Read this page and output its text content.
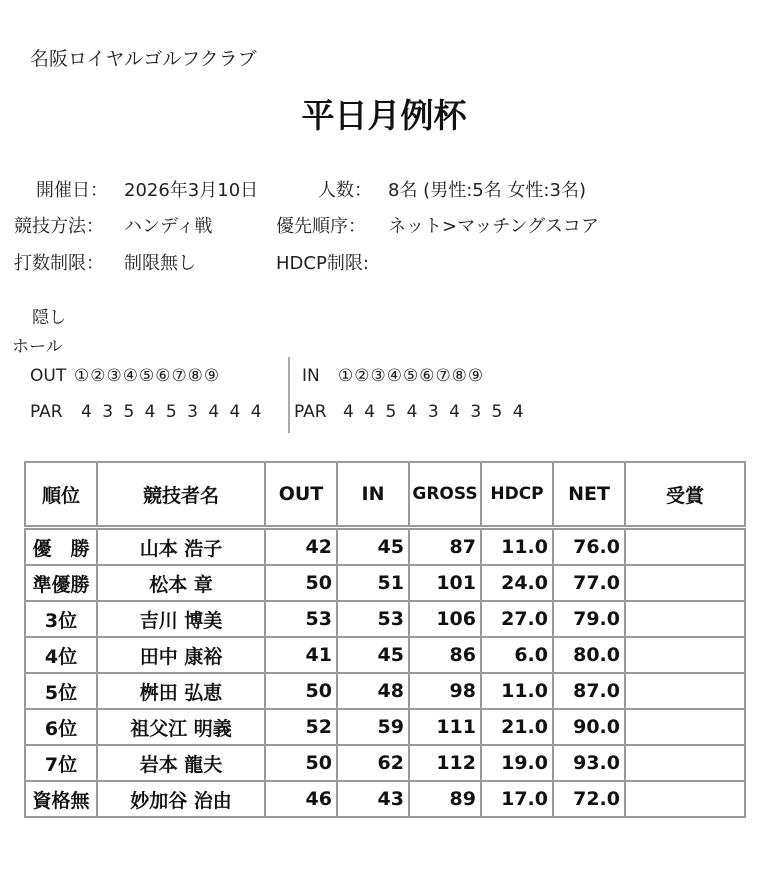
名阪ロイヤルゴルフクラブ
平日月例杯
開催日： 2026年3月10日	人数： 8名 (男性:5名 女性:3名)
競技方法： ハンディ戦	優先順序： ネット>マッチングスコア
打数制限： 制限無し	HDCP制限:
隠し
ホール
OUT ①②③④⑤⑥⑦⑧⑨	IN ①②③④⑤⑥⑦⑧⑨
PAR 4 3 5 4 5 3 4 4 4 PAR 4 4 5 4 3 4 3 5 4
順位	競技者名	OUT	IN	GROSS	HDCP	NET	受賞
優　勝	山本 浩子	42	45	87	11.0	76.0	
準優勝	松本 章	50	51	101	24.0	77.0	
3位	吉川 博美	53	53	106	27.0	79.0	
4位	田中 康裕	41	45	86	6.0	80.0	
5位	桝田 弘恵	50	48	98	11.0	87.0	
6位	祖父江 明義	52	59	111	21.0	90.0	
7位	岩本 龍夫	50	62	112	19.0	93.0	
資格無	妙加谷 治由	46	43	89	17.0	72.0	
